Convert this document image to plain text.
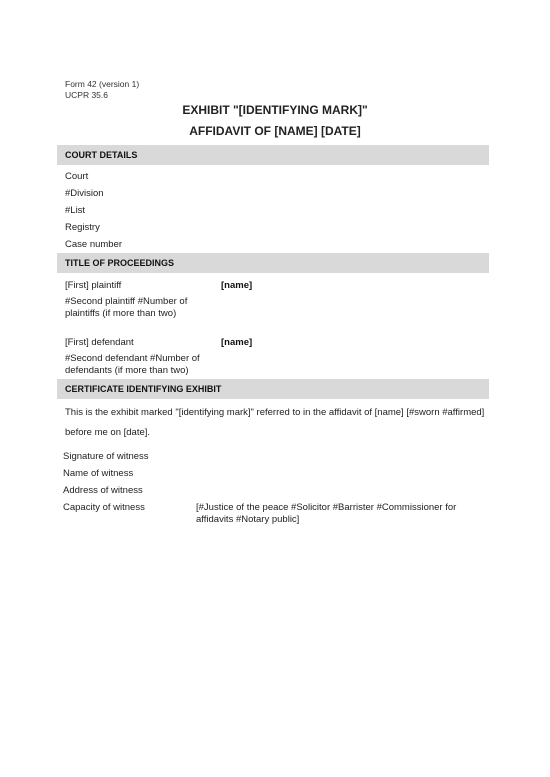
Form 42 (version 1)
UCPR 35.6
EXHIBIT "[IDENTIFYING MARK]"
AFFIDAVIT OF [NAME] [DATE]
COURT DETAILS
Court
#Division
#List
Registry
Case number
TITLE OF PROCEEDINGS
[First] plaintiff	[name]
#Second plaintiff #Number of plaintiffs (if more than two)
[First] defendant	[name]
#Second defendant #Number of defendants (if more than two)
CERTIFICATE IDENTIFYING EXHIBIT
This is the exhibit marked "[identifying mark]" referred to in the affidavit of [name] [#sworn #affirmed] before me on [date].
Signature of witness
Name of witness
Address of witness
Capacity of witness	[#Justice of the peace #Solicitor #Barrister #Commissioner for affidavits #Notary public]
